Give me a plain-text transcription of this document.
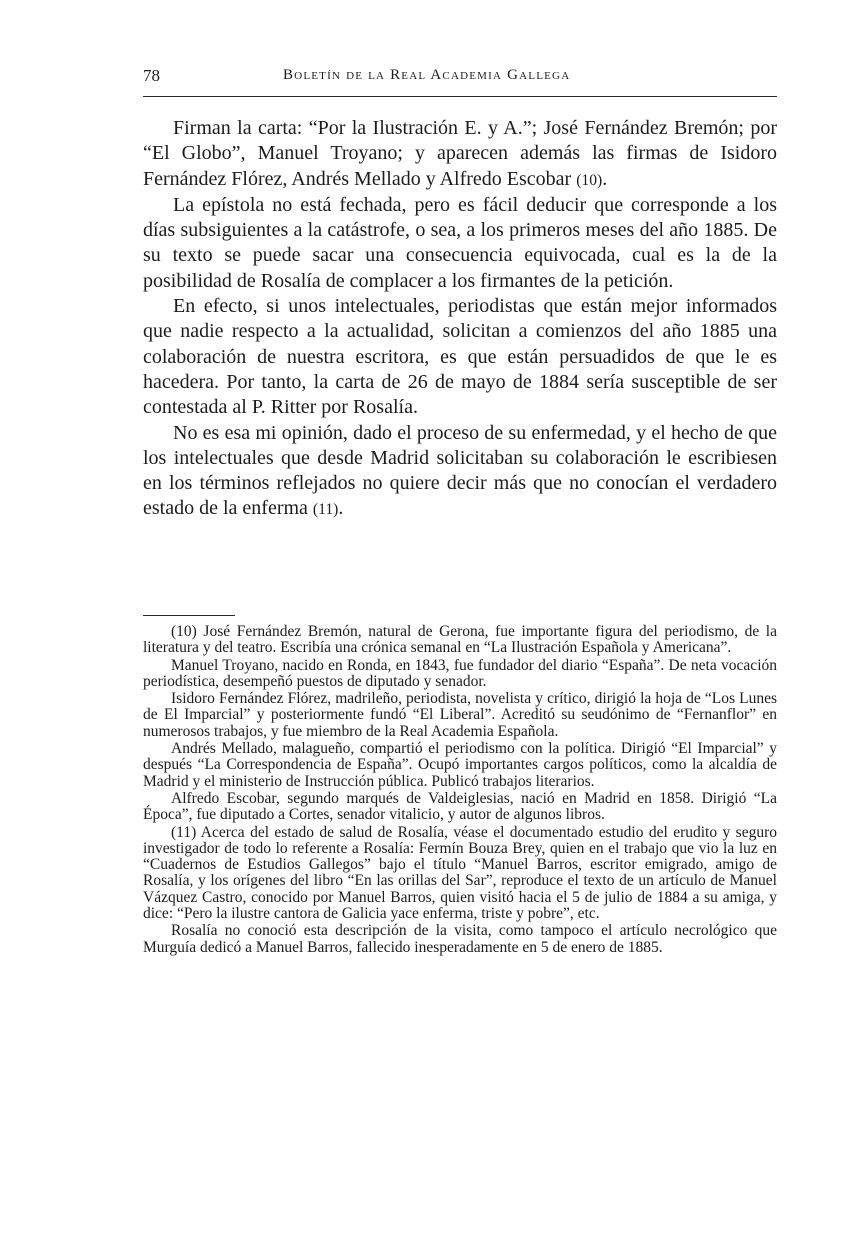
78	Boletín de la Real Academia Gallega

Firman la carta: “Por la Ilustración E. y A.”; José Fernández Bremón; por “El Globo”, Manuel Troyano; y aparecen además las firmas de Isidoro Fernández Flórez, Andrés Mellado y Alfredo Escobar (10).

La epístola no está fechada, pero es fácil deducir que corresponde a los días subsiguientes a la catástrofe, o sea, a los primeros meses del año 1885. De su texto se puede sacar una consecuencia equivocada, cual es la de la posibilidad de Rosalía de complacer a los firmantes de la petición.

En efecto, si unos intelectuales, periodistas que están mejor informados que nadie respecto a la actualidad, solicitan a comienzos del año 1885 una colaboración de nuestra escritora, es que están persuadidos de que le es hacedera. Por tanto, la carta de 26 de mayo de 1884 sería susceptible de ser contestada al P. Ritter por Rosalía.

No es esa mi opinión, dado el proceso de su enfermedad, y el hecho de que los intelectuales que desde Madrid solicitaban su colaboración le escribiesen en los términos reflejados no quiere decir más que no conocían el verdadero estado de la enferma (11).

(10) José Fernández Bremón, natural de Gerona, fue importante figura del periodismo, de la literatura y del teatro. Escribía una crónica semanal en “La Ilustración Española y Americana”.

Manuel Troyano, nacido en Ronda, en 1843, fue fundador del diario “España”. De neta vocación periodística, desempeñó puestos de diputado y senador.

Isidoro Fernández Flórez, madrileño, periodista, novelista y crítico, dirigió la hoja de “Los Lunes de El Imparcial” y posteriormente fundó “El Liberal”. Acreditó su seudónimo de “Fernanflor” en numerosos trabajos, y fue miembro de la Real Academia Española.

Andrés Mellado, malagueño, compartió el periodismo con la política. Dirigió “El Imparcial” y después “La Correspondencia de España”. Ocupó importantes cargos políticos, como la alcaldía de Madrid y el ministerio de Instrucción pública. Publicó trabajos literarios.

Alfredo Escobar, segundo marqués de Valdeiglesias, nació en Madrid en 1858. Dirigió “La Época”, fue diputado a Cortes, senador vitalicio, y autor de algunos libros.

(11) Acerca del estado de salud de Rosalía, véase el documentado estudio del erudito y seguro investigador de todo lo referente a Rosalía: Fermín Bouza Brey, quien en el trabajo que vio la luz en “Cuadernos de Estudios Gallegos” bajo el título “Manuel Barros, escritor emigrado, amigo de Rosalía, y los orígenes del libro “En las orillas del Sar”, reproduce el texto de un artículo de Manuel Vázquez Castro, conocido por Manuel Barros, quien visitó hacia el 5 de julio de 1884 a su amiga, y dice: “Pero la ilustre cantora de Galicia yace enferma, triste y pobre”, etc.

Rosalía no conoció esta descripción de la visita, como tampoco el artículo necrológico que Murguía dedicó a Manuel Barros, fallecido inesperadamente en 5 de enero de 1885.
